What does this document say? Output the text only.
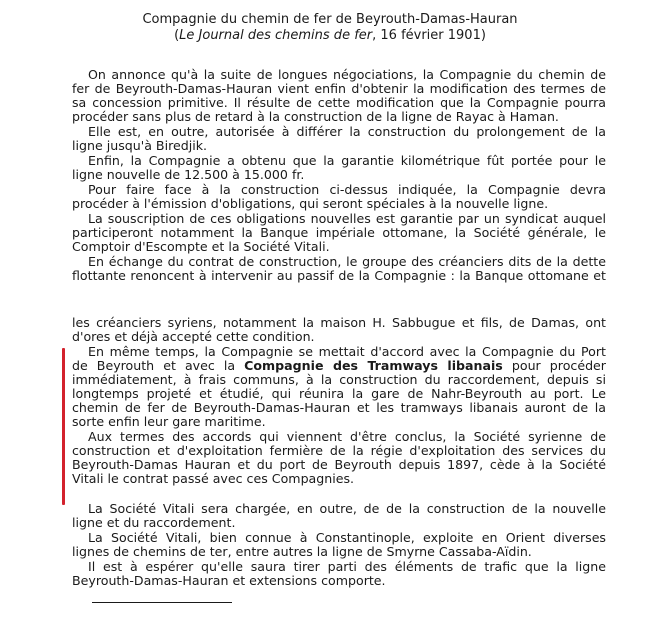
Compagnie du chemin de fer de Beyrouth-Damas-Hauran
(Le Journal des chemins de fer, 16 février 1901)
On annonce qu'à la suite de longues négociations, la Compagnie du chemin de
fer de Beyrouth-Damas-Hauran vient enfin d'obtenir la modification des termes de
sa concession primitive. Il résulte de cette modification que la Compagnie pourra
procéder sans plus de retard à la construction de la ligne de Rayac à Haman.
Elle est, en outre, autorisée à différer la construction du prolongement de la
ligne jusqu'à Biredjik.
Enfin, la Compagnie a obtenu que la garantie kilométrique fût portée pour le
ligne nouvelle de 12.500 à 15.000 fr.
Pour faire face à la construction ci-dessus indiquée, la Compagnie devra
procéder à l'émission d'obligations, qui seront spéciales à la nouvelle ligne.
La souscription de ces obligations nouvelles est garantie par un syndicat auquel
participeront notamment la Banque impériale ottomane, la Société générale, le
Comptoir d'Escompte et la Société Vitali.
En échange du contrat de construction, le groupe des créanciers dits de la dette
flottante renoncent à intervenir au passif de la Compagnie : la Banque ottomane et
les créanciers syriens, notamment la maison H. Sabbugue et fils, de Damas, ont
d'ores et déjà accepté cette condition.
En même temps, la Compagnie se mettait d'accord avec la Compagnie du Port
de Beyrouth et avec la Compagnie des Tramways libanais pour procéder
immédiatement, à frais communs, à la construction du raccordement, depuis si
longtemps projeté et étudié, qui réunira la gare de Nahr-Beyrouth au port. Le
chemin de fer de Beyrouth-Damas-Hauran et les tramways libanais auront de la
sorte enfin leur gare maritime.
Aux termes des accords qui viennent d'être conclus, la Société syrienne de
construction et d'exploitation fermière de la régie d'exploitation des services du
Beyrouth-Damas Hauran et du port de Beyrouth depuis 1897, cède à la Société
Vitali le contrat passé avec ces Compagnies.
La Société Vitali sera chargée, en outre, de de la construction de la nouvelle
ligne et du raccordement.
La Société Vitali, bien connue à Constantinople, exploite en Orient diverses
lignes de chemins de ter, entre autres la ligne de Smyrne Cassaba-Aïdin.
Il est à espérer qu'elle saura tirer parti des éléments de trafic que la ligne
Beyrouth-Damas-Hauran et extensions comporte.
